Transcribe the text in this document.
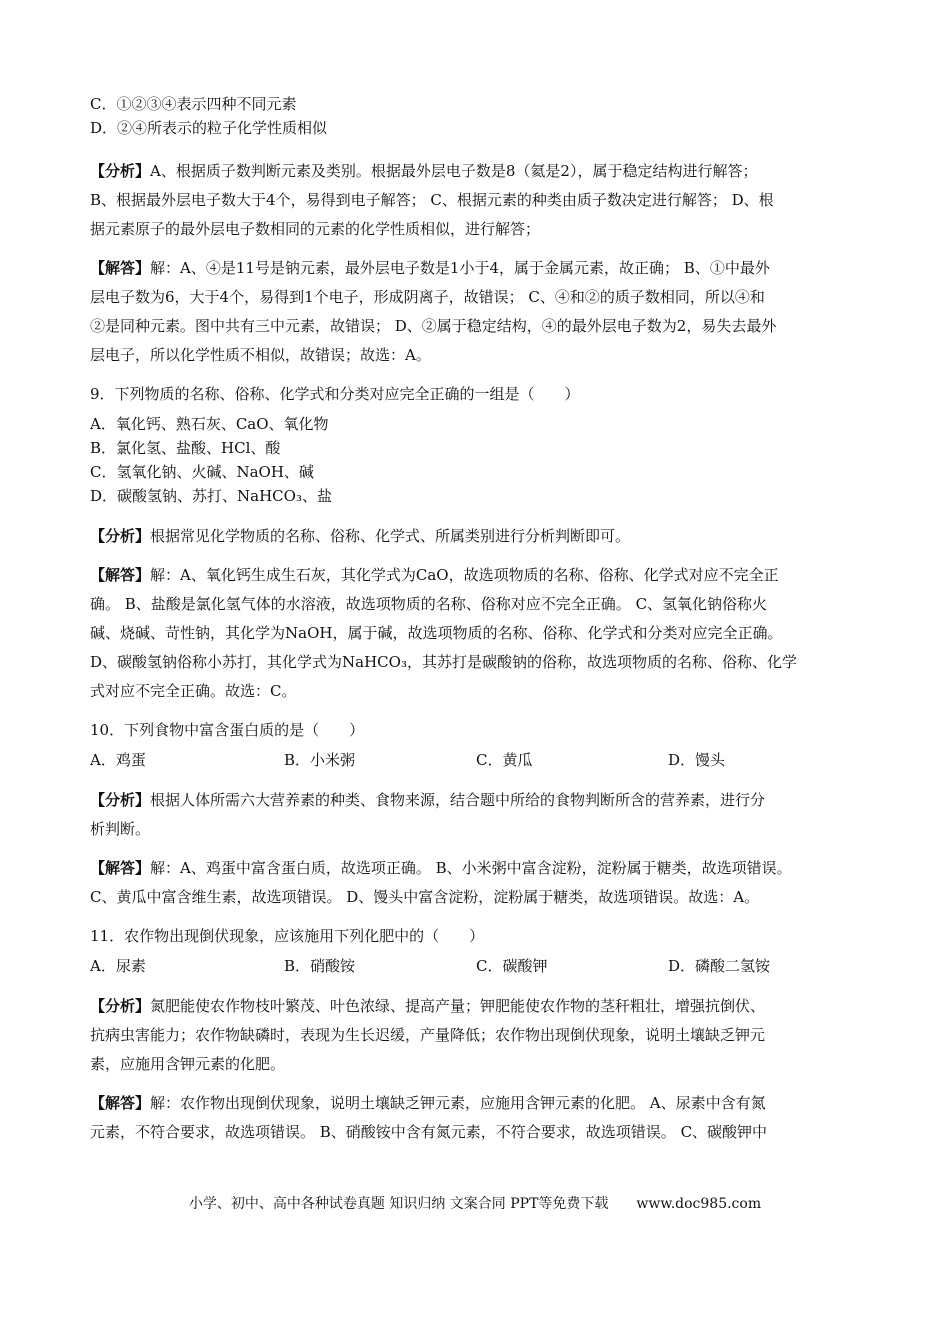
C．①②③④表示四种不同元素
D．②④所表示的粒子化学性质相似
【分析】A、根据质子数判断元素及类别。根据最外层电子数是8（氦是2），属于稳定结构进行解答；
B、根据最外层电子数大于4个，易得到电子解答； C、根据元素的种类由质子数决定进行解答； D、根
据元素原子的最外层电子数相同的元素的化学性质相似，进行解答；
【解答】解：A、④是11号是钠元素，最外层电子数是1小于4，属于金属元素，故正确； B、①中最外
层电子数为6，大于4个，易得到1个电子，形成阴离子，故错误； C、④和②的质子数相同，所以④和
②是同种元素。图中共有三中元素，故错误； D、②属于稳定结构，④的最外层电子数为2，易失去最外
层电子，所以化学性质不相似，故错误；故选：A。
9．下列物质的名称、俗称、化学式和分类对应完全正确的一组是（　　）
A．氧化钙、熟石灰、CaO、氧化物
B．氯化氢、盐酸、HCl、酸
C．氢氧化钠、火碱、NaOH、碱
D．碳酸氢钠、苏打、NaHCO₃、盐
【分析】根据常见化学物质的名称、俗称、化学式、所属类别进行分析判断即可。
【解答】解：A、氧化钙生成生石灰，其化学式为CaO，故选项物质的名称、俗称、化学式对应不完全正
确。 B、盐酸是氯化氢气体的水溶液，故选项物质的名称、俗称对应不完全正确。 C、氢氧化钠俗称火
碱、烧碱、苛性钠，其化学为NaOH，属于碱，故选项物质的名称、俗称、化学式和分类对应完全正确。
D、碳酸氢钠俗称小苏打，其化学式为NaHCO₃，其苏打是碳酸钠的俗称，故选项物质的名称、俗称、化学
式对应不完全正确。故选：C。
10．下列食物中富含蛋白质的是（　　）
A．鸡蛋	B．小米粥	C．黄瓜	D．馒头
【分析】根据人体所需六大营养素的种类、食物来源，结合题中所给的食物判断所含的营养素，进行分
析判断。
【解答】解：A、鸡蛋中富含蛋白质，故选项正确。 B、小米粥中富含淀粉，淀粉属于糖类，故选项错误。
C、黄瓜中富含维生素，故选项错误。 D、馒头中富含淀粉，淀粉属于糖类，故选项错误。故选：A。
11．农作物出现倒伏现象，应该施用下列化肥中的（　　）
A．尿素	B．硝酸铵	C．碳酸钾	D．磷酸二氢铵
【分析】氮肥能使农作物枝叶繁茂、叶色浓绿、提高产量；钾肥能使农作物的茎秆粗壮，增强抗倒伏、
抗病虫害能力；农作物缺磷时，表现为生长迟缓，产量降低；农作物出现倒伏现象，说明土壤缺乏钾元
素，应施用含钾元素的化肥。
【解答】解：农作物出现倒伏现象，说明土壤缺乏钾元素，应施用含钾元素的化肥。 A、尿素中含有氮
元素，不符合要求，故选项错误。 B、硝酸铵中含有氮元素，不符合要求，故选项错误。 C、碳酸钾中
小学、初中、高中各种试卷真题 知识归纳 文案合同 PPT等免费下载　　www.doc985.com
